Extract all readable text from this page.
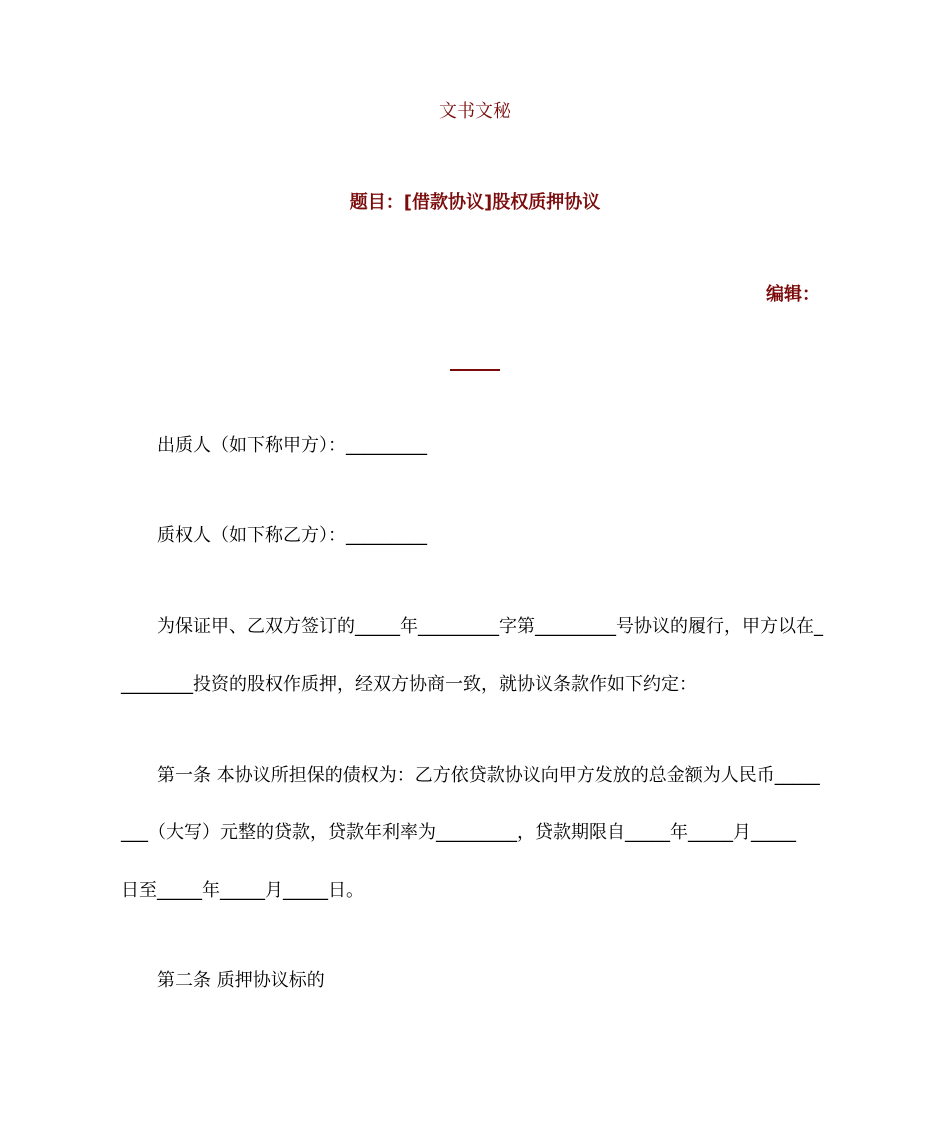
文书文秘
题目：[借款协议]股权质押协议
编辑：
出质人（如下称甲方）：_________
质权人（如下称乙方）：_________
为保证甲、乙双方签订的_____年_________字第_________号协议的履行，甲方以在_
________投资的股权作质押，经双方协商一致，就协议条款作如下约定：
第一条 本协议所担保的债权为：乙方依贷款协议向甲方发放的总金额为人民币_____
___（大写）元整的贷款，贷款年利率为_________，贷款期限自_____年_____月_____
日至_____年_____月_____日。
第二条 质押协议标的
